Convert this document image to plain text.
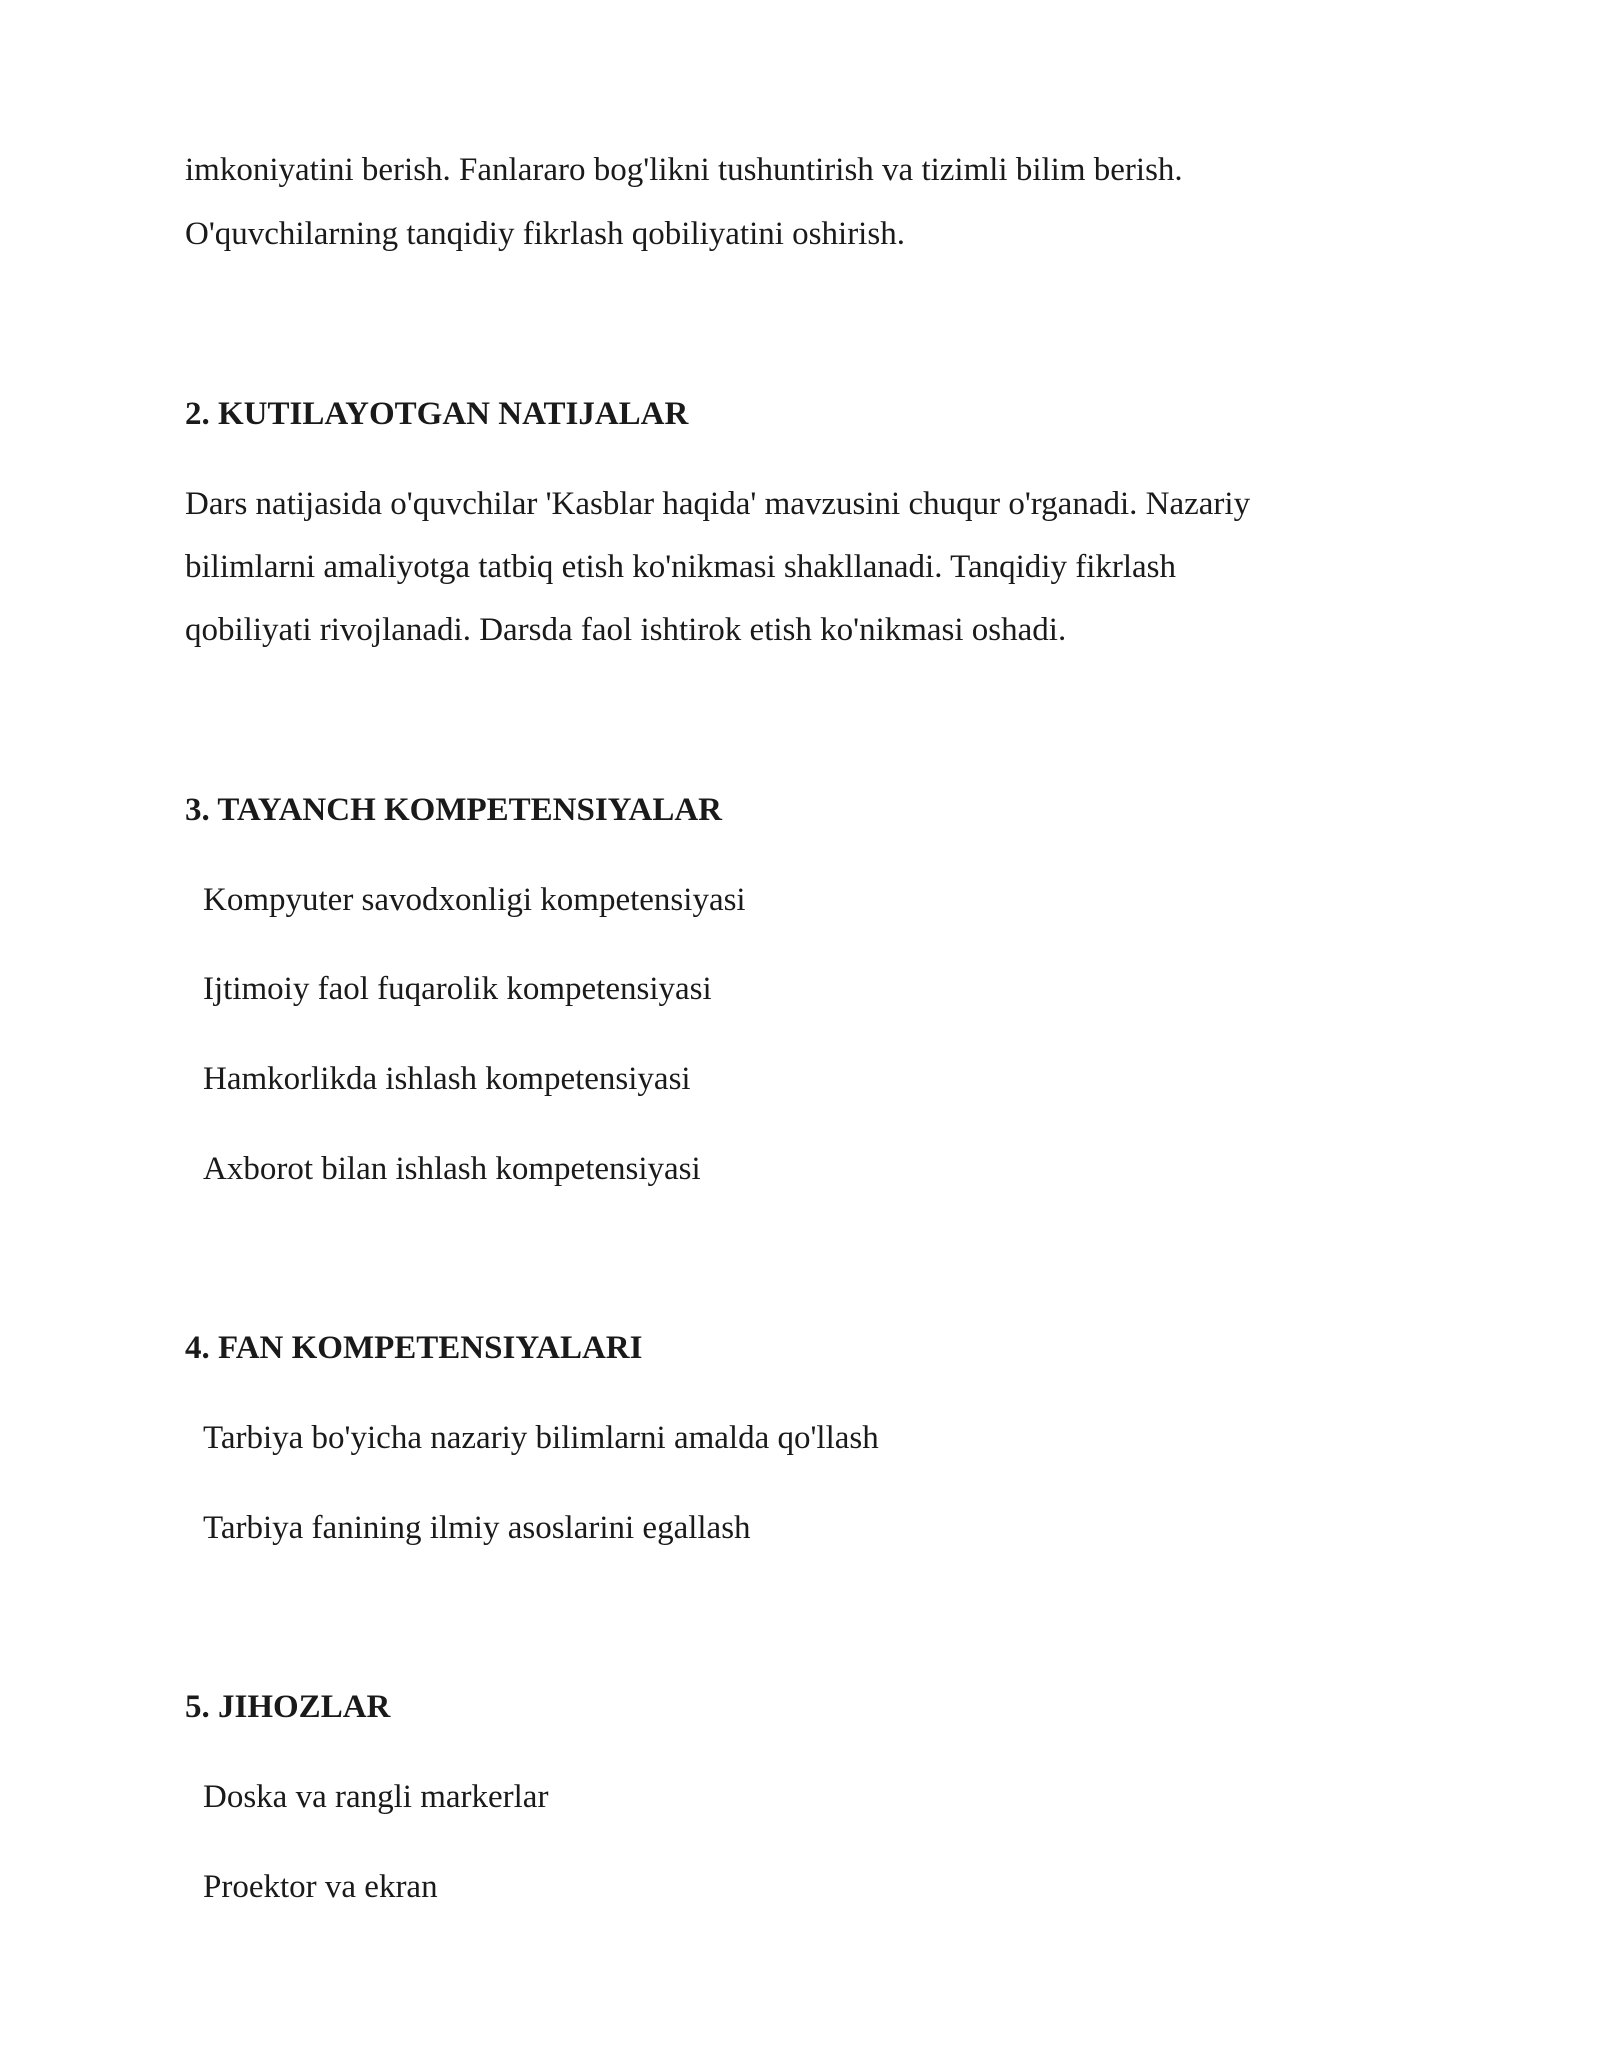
imkoniyatini berish. Fanlararo bog'likni tushuntirish va tizimli bilim berish.
O'quvchilarning tanqidiy fikrlash qobiliyatini oshirish.
2. KUTILAYOTGAN NATIJALAR
Dars natijasida o'quvchilar 'Kasblar haqida' mavzusini chuqur o'rganadi. Nazariy
bilimlarni amaliyotga tatbiq etish ko'nikmasi shakllanadi. Tanqidiy fikrlash
qobiliyati rivojlanadi. Darsda faol ishtirok etish ko'nikmasi oshadi.
3. TAYANCH KOMPETENSIYALAR
Kompyuter savodxonligi kompetensiyasi
Ijtimoiy faol fuqarolik kompetensiyasi
Hamkorlikda ishlash kompetensiyasi
Axborot bilan ishlash kompetensiyasi
4. FAN KOMPETENSIYALARI
Tarbiya bo'yicha nazariy bilimlarni amalda qo'llash
Tarbiya fanining ilmiy asoslarini egallash
5. JIHOZLAR
Doska va rangli markerlar
Proektor va ekran
